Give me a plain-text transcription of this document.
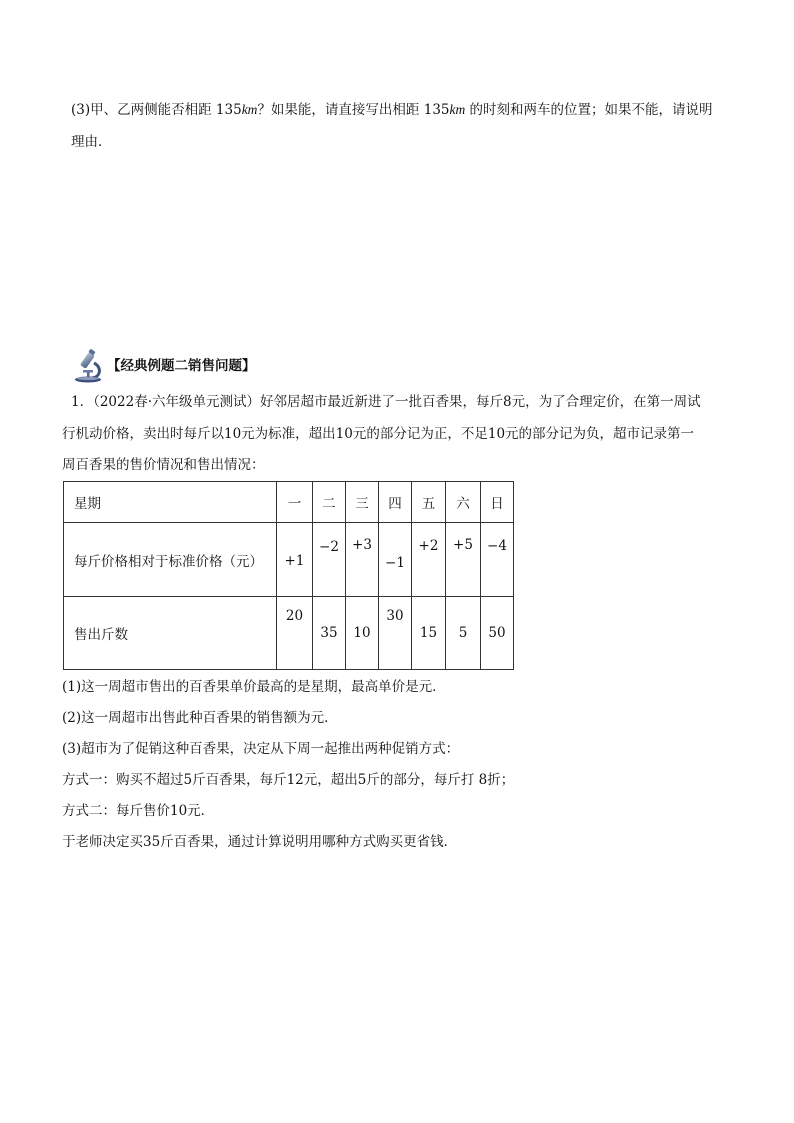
(3)甲、乙两侧能否相距 135km？如果能，请直接写出相距 135km 的时刻和两车的位置；如果不能，请说明
理由．
【经典例题二销售问题】
1．（2022春·六年级单元测试）好邻居超市最近新进了一批百香果，每斤8元，为了合理定价，在第一周试
行机动价格，卖出时每斤以10元为标准，超出10元的部分记为正，不足10元的部分记为负，超市记录第一
周百香果的售价情况和售出情况：
星期	一	二	三	四	五	六	日
每斤价格相对于标准价格（元）	+1	−2	+3	−1	+2	+5	−4

售出斤数	20	35	10	30	15	5	50
(1)这一周超市售出的百香果单价最高的是星期，最高单价是元．
(2)这一周超市出售此种百香果的销售额为元．
(3)超市为了促销这种百香果，决定从下周一起推出两种促销方式：
方式一：购买不超过5斤百香果，每斤12元，超出5斤的部分，每斤打 8折；
方式二：每斤售价10元．
于老师决定买35斤百香果，通过计算说明用哪种方式购买更省钱．
